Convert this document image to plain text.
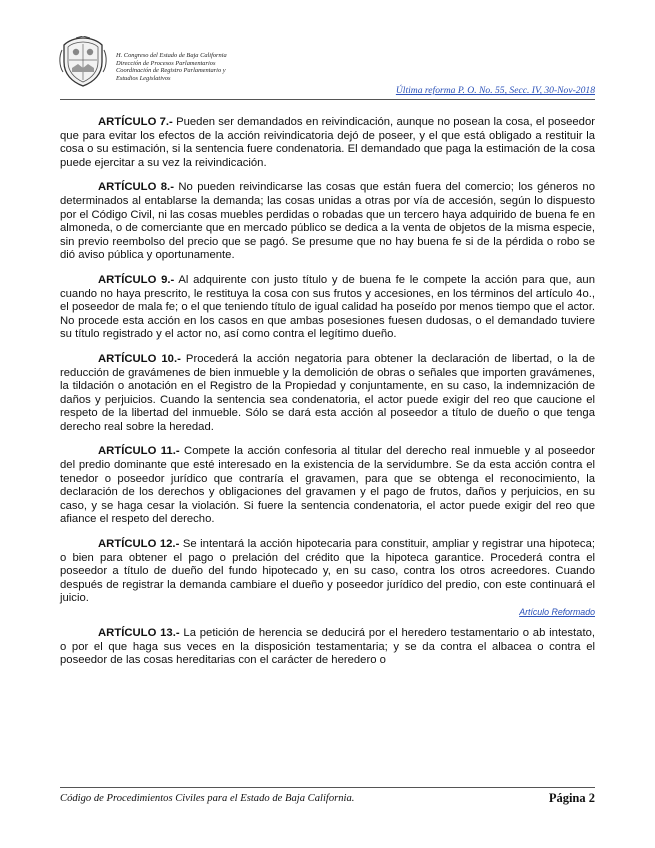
H. Congreso del Estado de Baja California
Dirección de Procesos Parlamentarios
Coordinación de Registro Parlamentario y
Estudios Legislativos
Última reforma P. O. No. 55, Secc. IV, 30-Nov-2018

ARTÍCULO 7.- Pueden ser demandados en reivindicación, aunque no posean la cosa, el poseedor que para evitar los efectos de la acción reivindicatoria dejó de poseer, y el que está obligado a restituir la cosa o su estimación, si la sentencia fuere condenatoria. El demandado que paga la estimación de la cosa puede ejercitar a su vez la reivindicación.

ARTÍCULO 8.- No pueden reivindicarse las cosas que están fuera del comercio; los géneros no determinados al entablarse la demanda; las cosas unidas a otras por vía de accesión, según lo dispuesto por el Código Civil, ni las cosas muebles perdidas o robadas que un tercero haya adquirido de buena fe en almoneda, o de comerciante que en mercado público se dedica a la venta de objetos de la misma especie, sin previo reembolso del precio que se pagó. Se presume que no hay buena fe si de la pérdida o robo se dió aviso pública y oportunamente.

ARTÍCULO 9.- Al adquirente con justo título y de buena fe le compete la acción para que, aun cuando no haya prescrito, le restituya la cosa con sus frutos y accesiones, en los términos del artículo 4o., el poseedor de mala fe; o el que teniendo título de igual calidad ha poseído por menos tiempo que el actor. No procede esta acción en los casos en que ambas posesiones fuesen dudosas, o el demandado tuviere su título registrado y el actor no, así como contra el legítimo dueño.

ARTÍCULO 10.- Procederá la acción negatoria para obtener la declaración de libertad, o la de reducción de gravámenes de bien inmueble y la demolición de obras o señales que importen gravámenes, la tildación o anotación en el Registro de la Propiedad y conjuntamente, en su caso, la indemnización de daños y perjuicios. Cuando la sentencia sea condenatoria, el actor puede exigir del reo que caucione el respeto de la libertad del inmueble. Sólo se dará esta acción al poseedor a título de dueño o que tenga derecho real sobre la heredad.

ARTÍCULO 11.- Compete la acción confesoria al titular del derecho real inmueble y al poseedor del predio dominante que esté interesado en la existencia de la servidumbre. Se da esta acción contra el tenedor o poseedor jurídico que contraría el gravamen, para que se obtenga el reconocimiento, la declaración de los derechos y obligaciones del gravamen y el pago de frutos, daños y perjuicios, en su caso, y se haga cesar la violación. Si fuere la sentencia condenatoria, el actor puede exigir del reo que afiance el respeto del derecho.

ARTÍCULO 12.- Se intentará la acción hipotecaria para constituir, ampliar y registrar una hipoteca; o bien para obtener el pago o prelación del crédito que la hipoteca garantice. Procederá contra el poseedor a título de dueño del fundo hipotecado y, en su caso, contra los otros acreedores. Cuando después de registrar la demanda cambiare el dueño y poseedor jurídico del predio, con este continuará el juicio.

Artículo Reformado

ARTÍCULO 13.- La petición de herencia se deducirá por el heredero testamentario o ab intestato, o por el que haga sus veces en la disposición testamentaria; y se da contra el albacea o contra el poseedor de las cosas hereditarias con el carácter de heredero o

Código de Procedimientos Civiles para el Estado de Baja California.	Página 2
